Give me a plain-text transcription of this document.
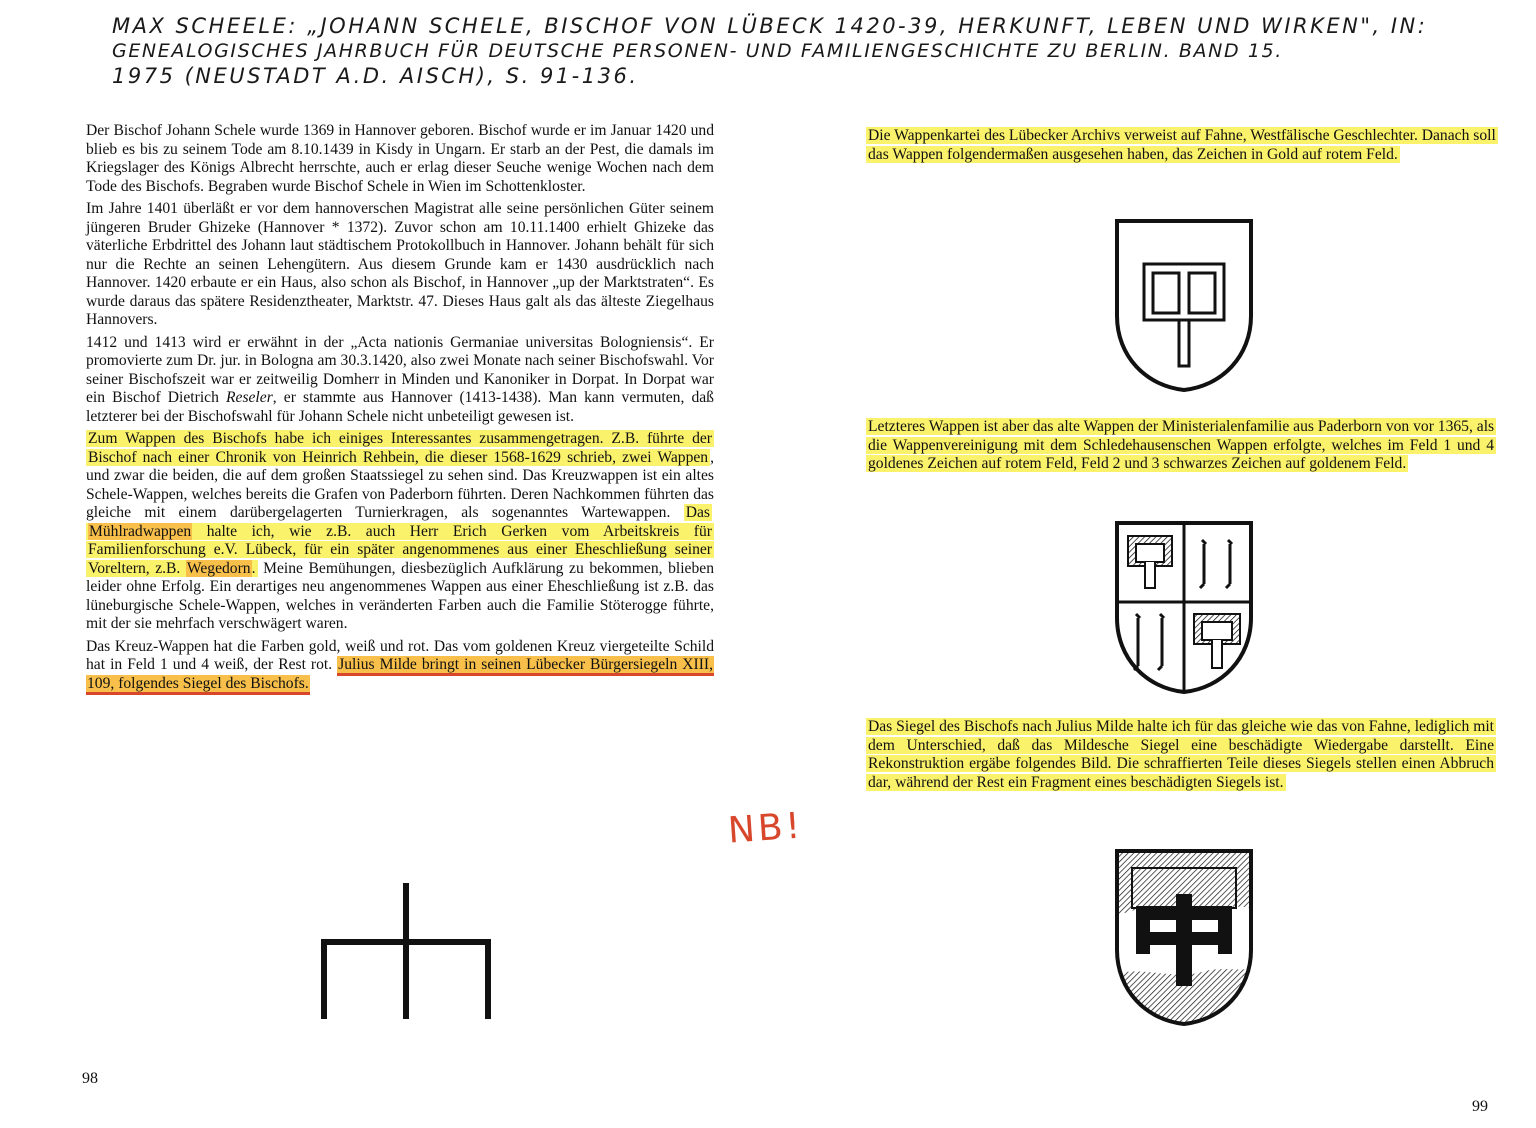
MAX SCHEELE: „JOHANN SCHELE, BISCHOF VON LÜBECK 1420-39, HERKUNFT, LEBEN UND WIRKEN", IN:
GENEALOGISCHES JAHRBUCH FÜR DEUTSCHE PERSONEN- UND FAMILIENGESCHICHTE ZU BERLIN. BAND 15.
1975 (NEUSTADT A.D. AISCH), S. 91-136.

Der Bischof Johann Schele wurde 1369 in Hannover geboren. Bischof wurde er im Januar 1420 und blieb es bis zu seinem Tode am 8.10.1439 in Kisdy in Ungarn. Er starb an der Pest, die damals im Kriegslager des Königs Albrecht herrschte, auch er erlag dieser Seuche wenige Wochen nach dem Tode des Bischofs. Begraben wurde Bischof Schele in Wien im Schottenkloster.

Im Jahre 1401 überläßt er vor dem hannoverschen Magistrat alle seine persönlichen Güter seinem jüngeren Bruder Ghizeke (Hannover * 1372). Zuvor schon am 10.11.1400 erhielt Ghizeke das väterliche Erbdrittel des Johann laut städtischem Protokollbuch in Hannover. Johann behält für sich nur die Rechte an seinen Lehengütern. Aus diesem Grunde kam er 1430 ausdrücklich nach Hannover. 1420 erbaute er ein Haus, also schon als Bischof, in Hannover „up der Marktstraten“. Es wurde daraus das spätere Residenztheater, Marktstr. 47. Dieses Haus galt als das älteste Ziegelhaus Hannovers.

1412 und 1413 wird er erwähnt in der „Acta nationis Germaniae universitas Bologniensis“. Er promovierte zum Dr. jur. in Bologna am 30.3.1420, also zwei Monate nach seiner Bischofswahl. Vor seiner Bischofszeit war er zeitweilig Domherr in Minden und Kanoniker in Dorpat. In Dorpat war ein Bischof Dietrich Reseler, er stammte aus Hannover (1413-1438). Man kann vermuten, daß letzterer bei der Bischofswahl für Johann Schele nicht unbeteiligt gewesen ist.

Zum Wappen des Bischofs habe ich einiges Interessantes zusammengetragen. Z.B. führte der Bischof nach einer Chronik von Heinrich Rehbein, die dieser 1568-1629 schrieb, zwei Wappen , und zwar die beiden, die auf dem großen Staatssiegel zu sehen sind. Das Kreuzwappen ist ein altes Schele-Wappen, welches bereits die Grafen von Paderborn führten. Deren Nachkommen führten das gleiche mit einem darübergelagerten Turnierkragen, als sogenanntes Wartewappen. Das Mühlradwappen halte ich, wie z.B. auch Herr Erich Gerken vom Arbeitskreis für Familienforschung e.V. Lübeck, für ein später angenommenes aus einer Eheschließung seiner Voreltern, z.B. Wegedorn. Meine Bemühungen, diesbezüglich Aufklärung zu bekommen, blieben leider ohne Erfolg. Ein derartiges neu angenommenes Wappen aus einer Eheschließung ist z.B. das lüneburgische Schele-Wappen, welches in veränderten Farben auch die Familie Stöterogge führte, mit der sie mehrfach verschwägert waren.

Das Kreuz-Wappen hat die Farben gold, weiß und rot. Das vom goldenen Kreuz viergeteilte Schild hat in Feld 1 und 4 weiß, der Rest rot. Julius Milde bringt in seinen Lübecker Bürgersiegeln XIII, 109, folgendes Siegel des Bischofs.

NB!
98

Die Wappenkartei des Lübecker Archivs verweist auf Fahne, Westfälische Geschlechter. Danach soll das Wappen folgendermaßen ausgesehen haben, das Zeichen in Gold auf rotem Feld.

Letzteres Wappen ist aber das alte Wappen der Ministerialenfamilie aus Paderborn von vor 1365, als die Wappenvereinigung mit dem Schledehausenschen Wappen erfolgte, welches im Feld 1 und 4 goldenes Zeichen auf rotem Feld, Feld 2 und 3 schwarzes Zeichen auf goldenem Feld.

Das Siegel des Bischofs nach Julius Milde halte ich für das gleiche wie das von Fahne, lediglich mit dem Unterschied, daß das Mildesche Siegel eine beschädigte Wiedergabe darstellt. Eine Rekonstruktion ergäbe folgendes Bild. Die schraffierten Teile dieses Siegels stellen einen Abbruch dar, während der Rest ein Fragment eines beschädigten Siegels ist.

99
